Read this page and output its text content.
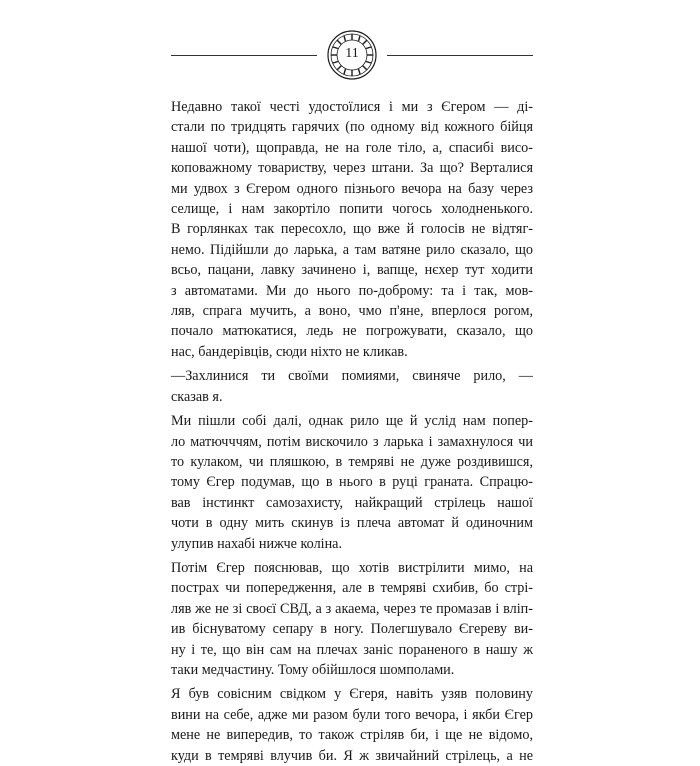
11

Недавно такої честі удостоїлися і ми з Єгером — ді-
стали по тридцять гарячих (по одному від кожного бійця
нашої чоти), щоправда, не на голе тіло, а, спасибі висо-
коповажному товариству, через штани. За що? Верталися
ми удвох з Єгером одного пізнього вечора на базу через
селище, і нам закортіло попити чогось холодненького.
В горлянках так пересохло, що вже й голосів не відтяг-
немо. Підійшли до ларька, а там ватяне рило сказало, що
всьо, пацани, лавку зачинено і, вапще, нєхер тут ходити
з автоматами. Ми до нього по-доброму: та і так, мов-
ляв, спрага мучить, а воно, чмо п'яне, вперлося рогом,
почало матюкатися, ледь не погрожувати, сказало, що
нас, бандерівців, сюди ніхто не кликав.

—Захлинися ти своїми помиями, свиняче рило, —
сказав я.

Ми пішли собі далі, однак рило ще й услід нам попер-
ло матючччям, потім вискочило з ларька і замахнулося чи
то кулаком, чи пляшкою, в темряві не дуже роздивишся,
тому Єгер подумав, що в нього в руці граната. Спрацю-
вав інстинкт самозахисту, найкращий стрілець нашої
чоти в одну мить скинув із плеча автомат й одиночним
улупив нахабі нижче коліна.

Потім Єгер пояснював, що хотів вистрілити мимо, на
пострах чи попередження, але в темряві схибив, бо стрі-
ляв же не зі своєї СВД, а з акаема, через те промазав і вліп-
ив біснуватому сепару в ногу. Полегшувало Єгереву ви-
ну і те, що він сам на плечах заніс пораненого в нашу ж
таки медчастину. Тому обійшлося шомполами.

Я був совісним свідком у Єгеря, навіть узяв половину
вини на себе, адже ми разом були того вечора, і якби Єгер
мене не випередив, то також стріляв би, і ще не відомо,
куди в темряві влучив би. Я ж звичайний стрілець, а не
